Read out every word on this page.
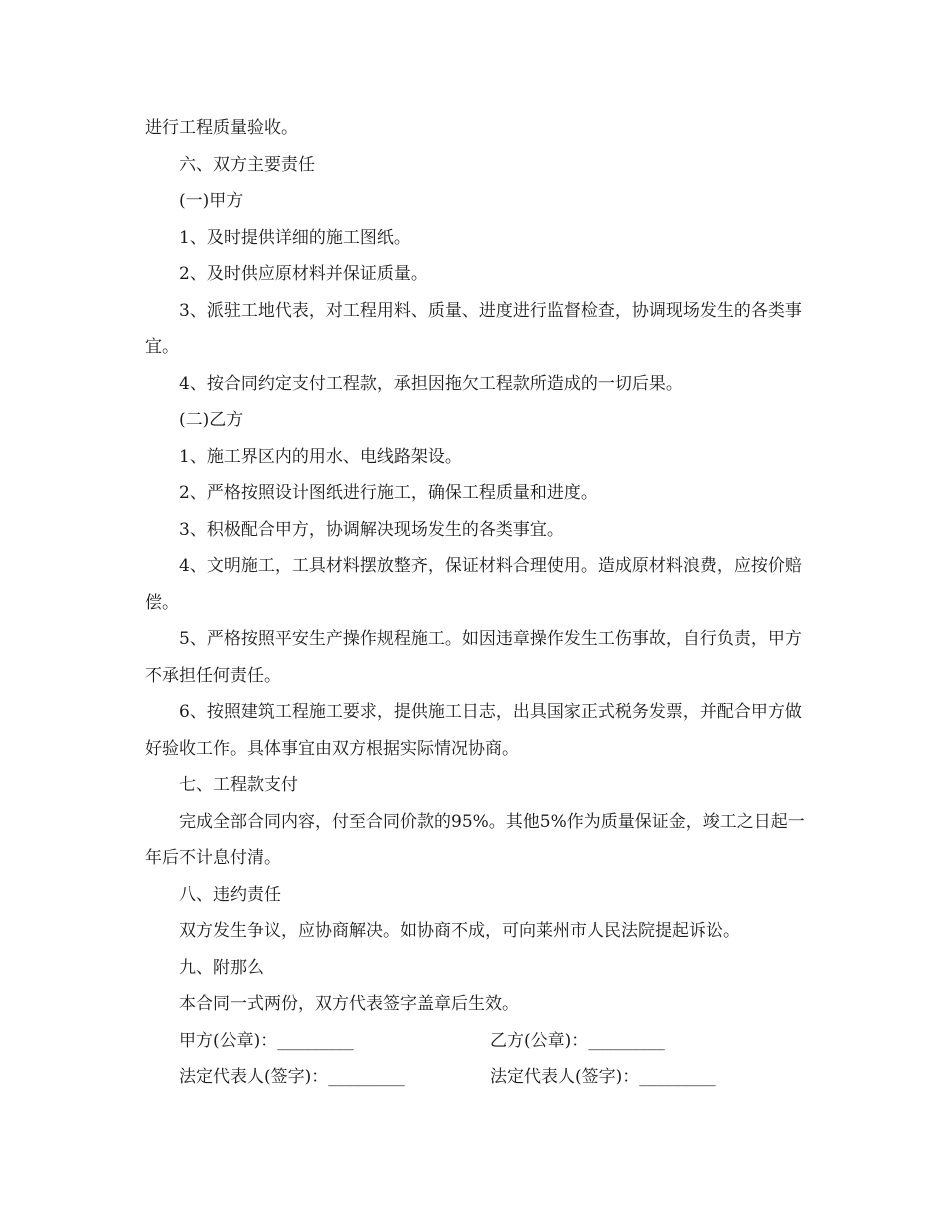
进行工程质量验收。

六、双方主要责任

(一)甲方

1、及时提供详细的施工图纸。

2、及时供应原材料并保证质量。

3、派驻工地代表，对工程用料、质量、进度进行监督检查，协调现场发生的各类事宜。

4、按合同约定支付工程款，承担因拖欠工程款所造成的一切后果。

(二)乙方

1、施工界区内的用水、电线路架设。

2、严格按照设计图纸进行施工，确保工程质量和进度。

3、积极配合甲方，协调解决现场发生的各类事宜。

4、文明施工，工具材料摆放整齐，保证材料合理使用。造成原材料浪费，应按价赔偿。

5、严格按照平安生产操作规程施工。如因违章操作发生工伤事故，自行负责，甲方不承担任何责任。

6、按照建筑工程施工要求，提供施工日志，出具国家正式税务发票，并配合甲方做好验收工作。具体事宜由双方根据实际情况协商。

七、工程款支付

完成全部合同内容，付至合同价款的95%。其他5%作为质量保证金，竣工之日起一年后不计息付清。

八、违约责任

双方发生争议，应协商解决。如协商不成，可向莱州市人民法院提起诉讼。

九、附那么

本合同一式两份，双方代表签字盖章后生效。

甲方(公章)：_________	乙方(公章)：_________
法定代表人(签字)：_________	法定代表人(签字)：_________
